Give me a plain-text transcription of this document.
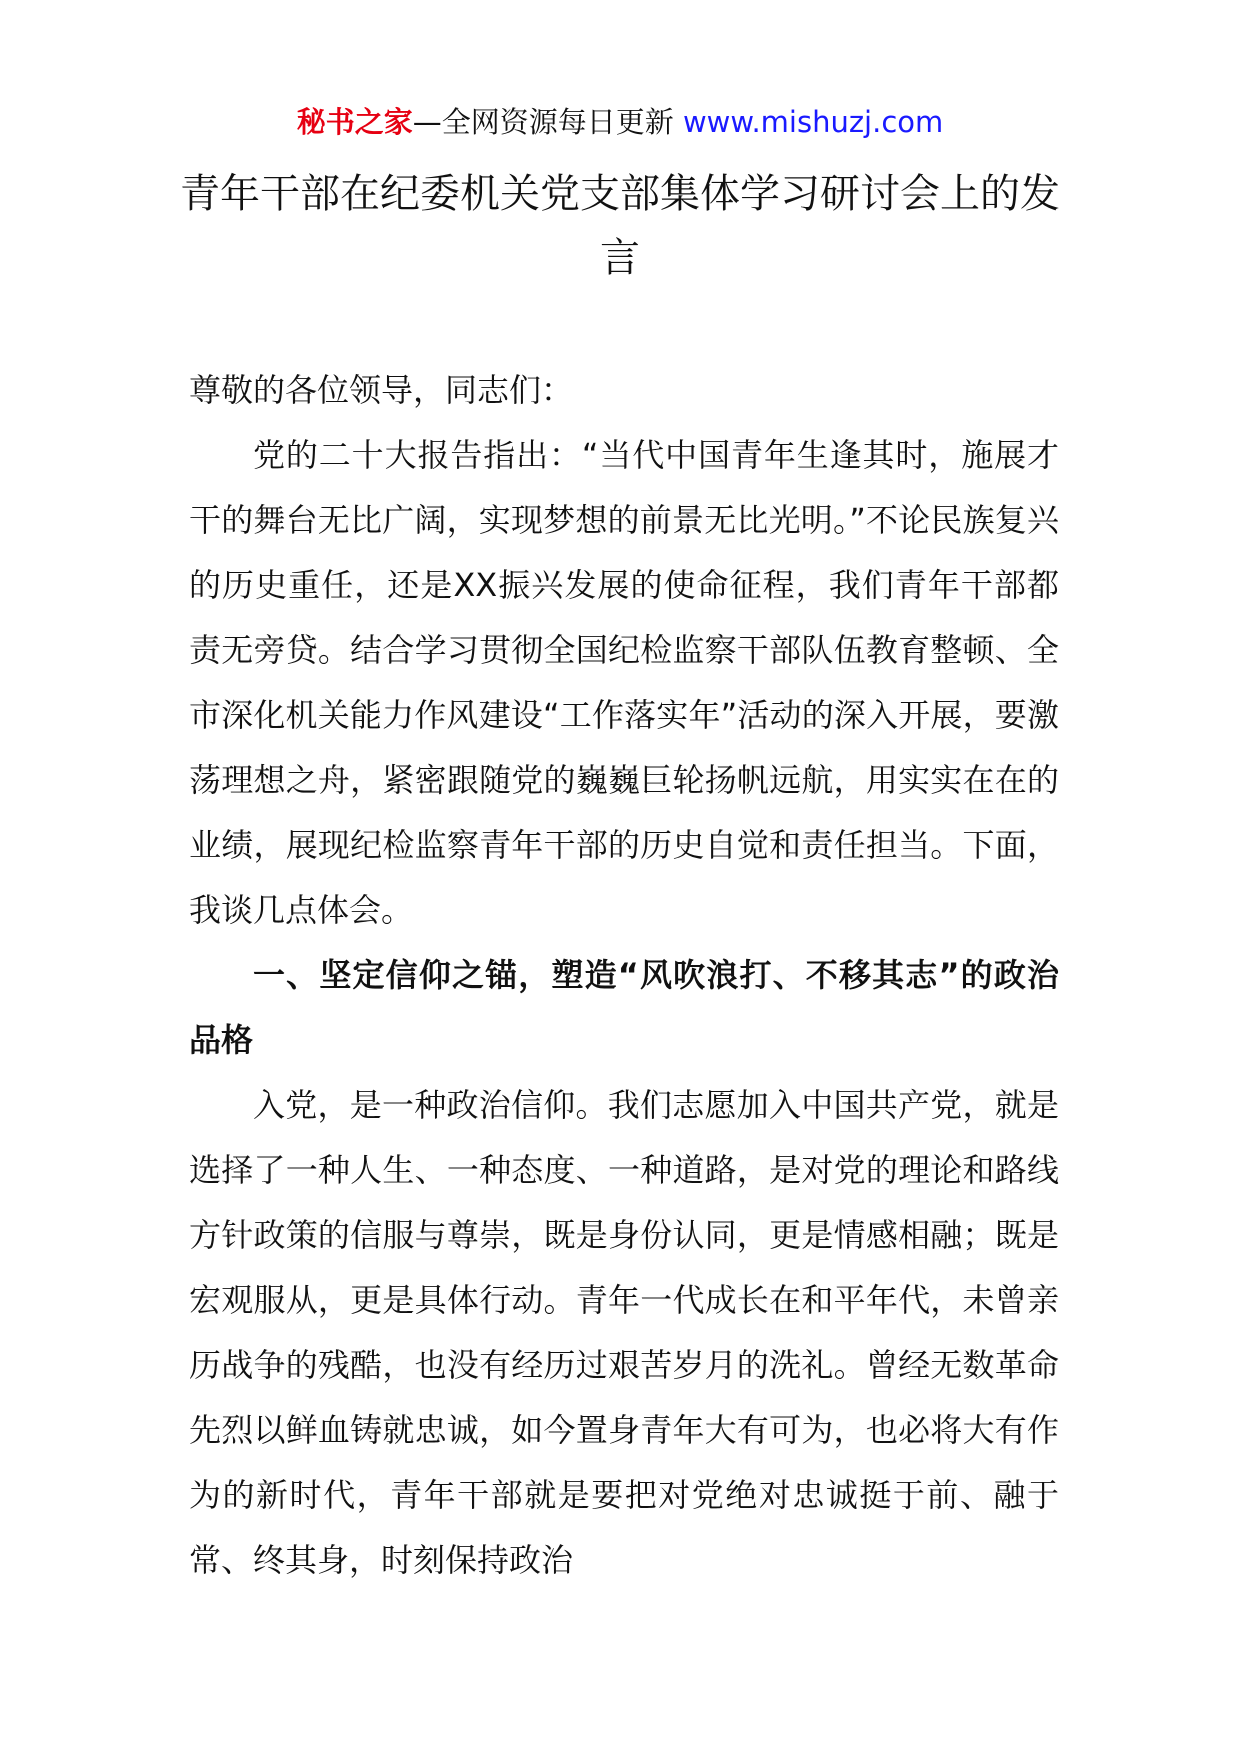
秘书之家—全网资源每日更新 www.mishuzj.com
青年干部在纪委机关党支部集体学习研讨会上的发言

尊敬的各位领导，同志们：

党的二十大报告指出：“当代中国青年生逢其时，施展才干的舞台无比广阔，实现梦想的前景无比光明。”不论民族复兴的历史重任，还是XX振兴发展的使命征程，我们青年干部都责无旁贷。结合学习贯彻全国纪检监察干部队伍教育整顿、全市深化机关能力作风建设“工作落实年”活动的深入开展，要激荡理想之舟，紧密跟随党的巍巍巨轮扬帆远航，用实实在在的业绩，展现纪检监察青年干部的历史自觉和责任担当。下面，我谈几点体会。

一、坚定信仰之锚，塑造“风吹浪打、不移其志”的政治品格

入党，是一种政治信仰。我们志愿加入中国共产党，就是选择了一种人生、一种态度、一种道路，是对党的理论和路线方针政策的信服与尊崇，既是身份认同，更是情感相融；既是宏观服从，更是具体行动。青年一代成长在和平年代，未曾亲历战争的残酷，也没有经历过艰苦岁月的洗礼。曾经无数革命先烈以鲜血铸就忠诚，如今置身青年大有可为，也必将大有作为的新时代，青年干部就是要把对党绝对忠诚挺于前、融于常、终其身，时刻保持政治
